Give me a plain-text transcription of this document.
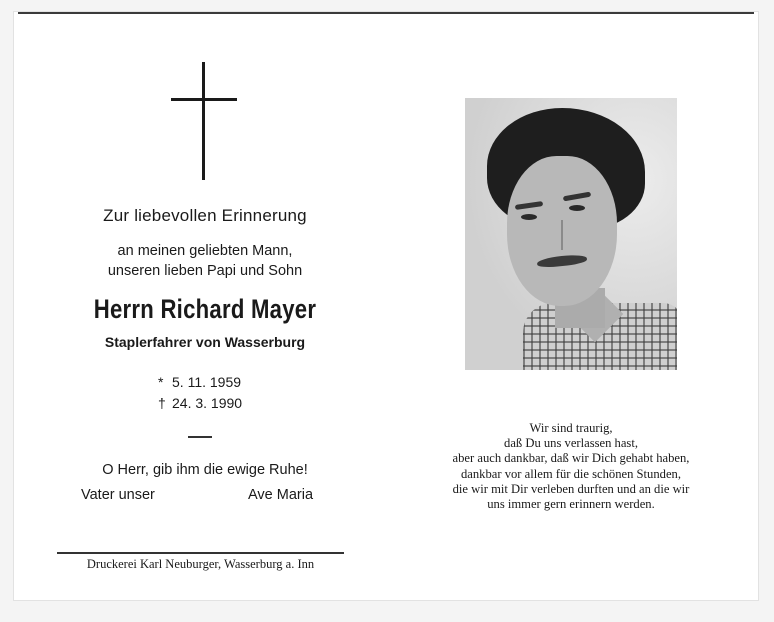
Zur liebevollen Erinnerung
an meinen geliebten Mann,
unseren lieben Papi und Sohn
Herrn Richard Mayer
Staplerfahrer von Wasserburg
* 5. 11. 1959
† 24. 3. 1990
O Herr, gib ihm die ewige Ruhe!
Vater unser	Ave Maria
Druckerei Karl Neuburger, Wasserburg a. Inn
Wir sind traurig,
daß Du uns verlassen hast,
aber auch dankbar, daß wir Dich gehabt haben,
dankbar vor allem für die schönen Stunden,
die wir mit Dir verleben durften und an die wir
uns immer gern erinnern werden.
